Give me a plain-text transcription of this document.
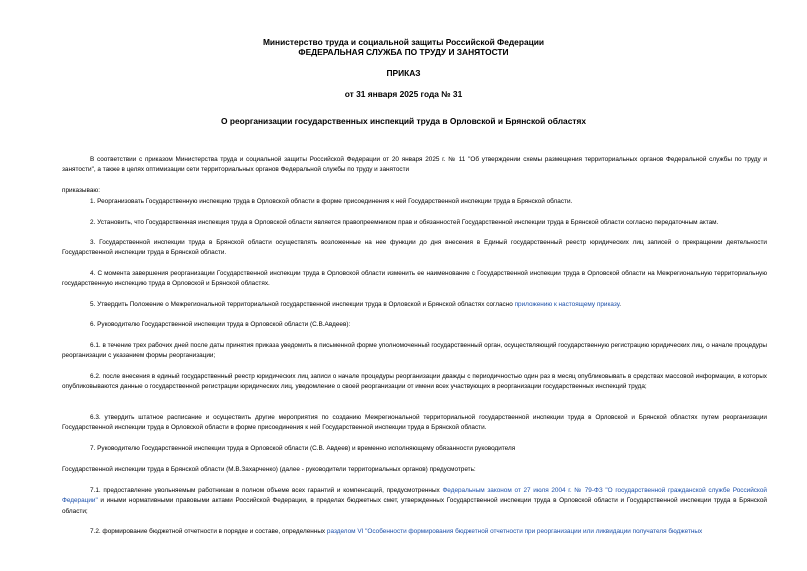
Министерство труда и социальной защиты Российской Федерации
ФЕДЕРАЛЬНАЯ СЛУЖБА ПО ТРУДУ И ЗАНЯТОСТИ
ПРИКАЗ
от 31 января 2025 года № 31
О реорганизации государственных инспекций труда в Орловской и Брянской областях
В соответствии с приказом Министерства труда и социальной защиты Российской Федерации от 20 января 2025 г. № 11 "Об утверждении схемы размещения территориальных органов Федеральной службы по труду и занятости", а также в целях оптимизации сети территориальных органов Федеральной службы по труду и занятости
приказываю:
1. Реорганизовать Государственную инспекцию труда в Орловской области в форме присоединения к ней Государственной инспекции труда в Брянской области.
2. Установить, что Государственная инспекция труда в Орловской области является правопреемником прав и обязанностей Государственной инспекции труда в Брянской области согласно передаточным актам.
3. Государственной инспекции труда в Брянской области осуществлять возложенные на нее функции до дня внесения в Единый государственный реестр юридических лиц записей о прекращении деятельности Государственной инспекции труда в Брянской области.
4. С момента завершения реорганизации Государственной инспекции труда в Орловской области изменить ее наименование с Государственной инспекции труда в Орловской области на Межрегиональную территориальную государственную инспекцию труда в Орловской и Брянской областях.
5. Утвердить Положение о Межрегиональной территориальной государственной инспекции труда в Орловской и Брянской областях согласно приложению к настоящему приказу.
6. Руководителю Государственной инспекции труда в Орловской области (С.В.Авдеев):
6.1. в течение трех рабочих дней после даты принятия приказа уведомить в письменной форме уполномоченный государственный орган, осуществляющий государственную регистрацию юридических лиц, о начале процедуры реорганизации с указанием формы реорганизации;
6.2. после внесения в единый государственный реестр юридических лиц записи о начале процедуры реорганизации дважды с периодичностью один раз в месяц опубликовывать в средствах массовой информации, в которых опубликовываются данные о государственной регистрации юридических лиц, уведомление о своей реорганизации от имени всех участвующих в реорганизации государственных инспекций труда;
6.3. утвердить штатное расписание и осуществить другие мероприятия по созданию Межрегиональной территориальной государственной инспекции труда в Орловской и Брянской областях путем реорганизации Государственной инспекции труда в Орловской области в форме присоединения к ней Государственной инспекции труда в Брянской области.
7. Руководителю Государственной инспекции труда в Орловской области (С.В. Авдеев) и временно исполняющему обязанности руководителя
Государственной инспекции труда в Брянской области (М.В.Захарченко) (далее - руководители территориальных органов) предусмотреть:
7.1. предоставление увольняемым работникам в полном объеме всех гарантий и компенсаций, предусмотренных Федеральным законом от 27 июля 2004 г. № 79-ФЗ "О государственной гражданской службе Российской Федерации" и иными нормативными правовыми актами Российской Федерации, в пределах бюджетных смет, утвержденных Государственной инспекции труда в Орловской области и Государственной инспекции труда в Брянской области;
7.2. формирование бюджетной отчетности в порядке и составе, определенных разделом VI "Особенности формирования бюджетной отчетности при реорганизации или ликвидации получателя бюджетных
